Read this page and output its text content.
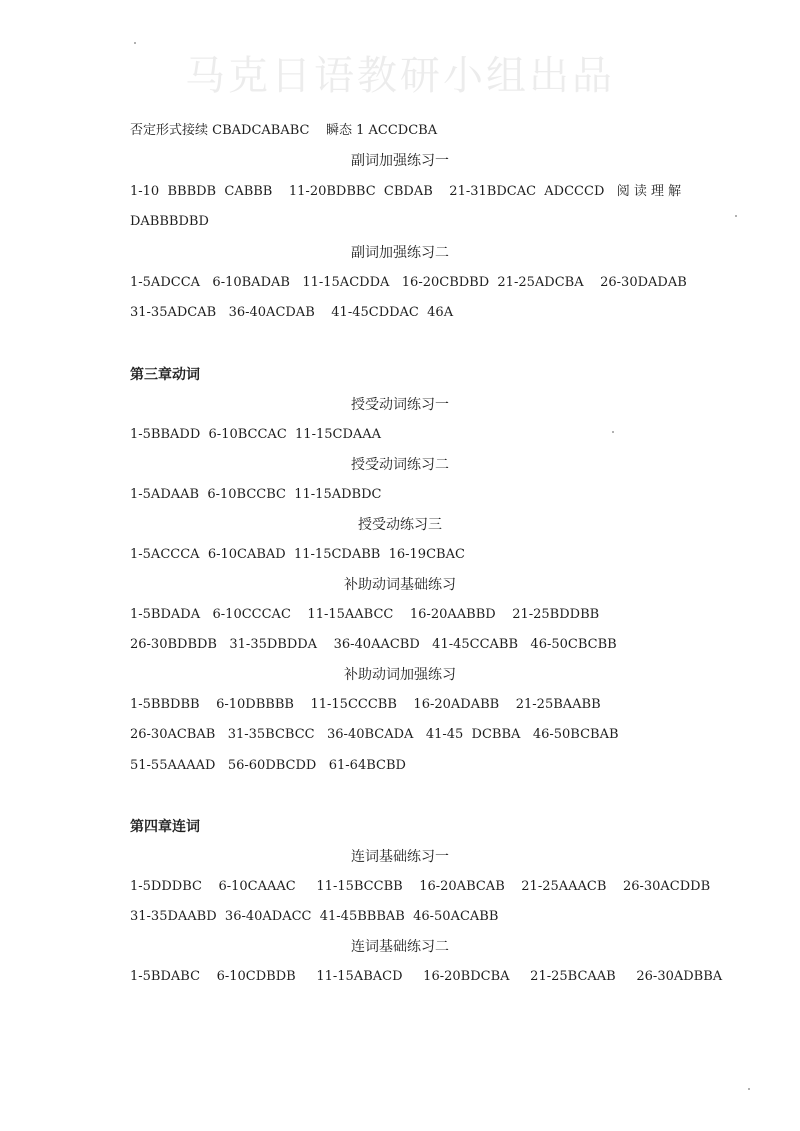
马克日语教研小组出品
否定形式接续 CBADCABABC    瞬态 1 ACCDCBA
副词加强练习一
1-10  BBBDB  CABBB    11-20BDBBC  CBDAB    21-31BDCAC  ADCCCD   阅 读 理 解
DABBBDBD
副词加强练习二
1-5ADCCA   6-10BADAB   11-15ACDDA   16-20CBDBD  21-25ADCBA    26-30DADAB
31-35ADCAB   36-40ACDAB    41-45CDDAC  46A
第三章动词
授受动词练习一
1-5BBADD  6-10BCCAC  11-15CDAAA
授受动词练习二
1-5ADAAB  6-10BCCBC  11-15ADBDC
授受动练习三
1-5ACCCA  6-10CABAD  11-15CDABB  16-19CBAC
补助动词基础练习
1-5BDADA   6-10CCCAC    11-15AABCC    16-20AABBD    21-25BDDBB
26-30BDBDB   31-35DBDDA    36-40AACBD   41-45CCABB   46-50CBCBB
补助动词加强练习
1-5BBDBB    6-10DBBBB    11-15CCCBB    16-20ADABB    21-25BAABB
26-30ACBAB   31-35BCBCC   36-40BCADA   41-45  DCBBA   46-50BCBAB
51-55AAAAD   56-60DBCDD   61-64BCBD
第四章连词
连词基础练习一
1-5DDDBC    6-10CAAAC     11-15BCCBB    16-20ABCAB    21-25AAACB    26-30ACDDB
31-35DAABD  36-40ADACC  41-45BBBAB  46-50ACABB
连词基础练习二
1-5BDABC    6-10CDBDB     11-15ABACD     16-20BDCBA     21-25BCAAB     26-30ADBBA
